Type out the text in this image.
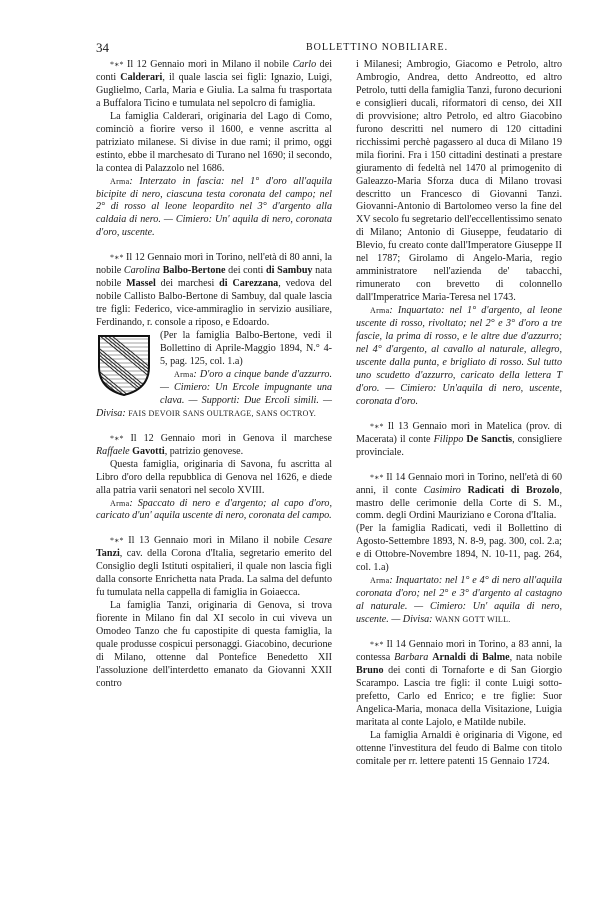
34	BOLLETTINO NOBILIARE.

*∗* Il 12 Gennaio morì in Milano il nobile Carlo dei conti Calderari, il quale lascia sei figli: Ignazio, Luigi, Guglielmo, Carla, Maria e Giulia. La salma fu trasportata a Buffalora Ticino e tumulata nel sepolcro di famiglia.

La famiglia Calderari, originaria del Lago di Como, cominciò a fiorire verso il 1600, e venne ascritta al patriziato milanese. Si divise in due rami; il primo, oggi estinto, ebbe il marchesato di Turano nel 1690; il secondo, la contea di Palazzolo nel 1686.

Arma: Interzato in fascia: nel 1° d'oro all'aquila bicipite di nero, ciascuna testa coronata del campo; nel 2° di rosso al leone leopardito nel 3° d'argento alla caldaia di nero. — Cimiero: Un' aquila di nero, coronata d'oro, uscente.

*∗* Il 12 Gennaio morì in Torino, nell'età di 80 anni, la nobile Carolina Balbo-Bertone dei conti di Sambuy nata nobile Massel dei marchesi di Carezzana, vedova del nobile Callisto Balbo-Bertone di Sambuy, dal quale lascia tre figli: Federico, vice-ammiraglio in servizio ausiliare, Ferdinando, r. console a riposo, e Edoardo.

(Per la famiglia Balbo-Bertone, vedi il Bollettino di Aprile-Maggio 1894, N.° 4-5, pag. 125, col. 1.a)

Arma: D'oro a cinque bande d'azzurro. — Cimiero: Un Ercole impugnante una clava. — Supporti: Due Ercoli simili. — Divisa: FAIS DEVOIR SANS OULTRAGE, SANS OCTROY.

*∗* Il 12 Gennaio morì in Genova il marchese Raffaele Gavotti, patrizio genovese.

Questa famiglia, originaria di Savona, fu ascritta al Libro d'oro della repubblica di Genova nel 1626, e diede alla patria varii senatori nel secolo XVIII.

Arma: Spaccato di nero e d'argento; al capo d'oro, caricato d'un' aquila uscente di nero, coronata del campo.

*∗* Il 13 Gennaio morì in Milano il nobile Cesare Tanzi, cav. della Corona d'Italia, segretario emerito del Consiglio degli Istituti ospitalieri, il quale non lascia figli dalla consorte Enrichetta nata Prada. La salma del defunto fu tumulata nella cappella di famiglia in Goiaecca.

La famiglia Tanzi, originaria di Genova, si trova fiorente in Milano fin dal XI secolo in cui viveva un Omodeo Tanzo che fu capostipite di questa famiglia, la quale produsse cospicui personaggi. Giacobino, decurione di Milano, ottenne dal Pontefice Benedetto XII l'assoluzione dell'interdetto emanato da Giovanni XXII contro

i Milanesi; Ambrogio, Giacomo e Petrolo, altro Ambrogio, Andrea, detto Andreotto, ed altro Petrolo, tutti della famiglia Tanzi, furono decurioni e consiglieri ducali, riformatori di censo, dei XII di provvisione; altro Petrolo, ed altro Giacobino furono descritti nel numero di 120 cittadini ricchissimi perchè pagassero al duca di Milano 19 mila fiorini. Fra i 150 cittadini destinati a prestare giuramento di fedeltà nel 1470 al primogenito di Galeazzo-Maria Sforza duca di Milano trovasi descritto un Francesco di Giovanni Tanzi. Giovanni-Antonio di Bartolomeo verso la fine del XV secolo fu segretario dell'eccellentissimo senato di Milano; Antonio di Giuseppe, feudatario di Blevio, fu creato conte dall'Imperatore Giuseppe II nel 1787; Girolamo di Angelo-Maria, regio amministratore nell'azienda de' tabacchi, rimunerato con brevetto di colonnello dall'Imperatrice Maria-Teresa nel 1743.

Arma: Inquartato: nel 1° d'argento, al leone uscente di rosso, rivoltato; nel 2° e 3° d'oro a tre fascie, la prima di rosso, e le altre due d'azzurro; nel 4° d'argento, al cavallo al naturale, allegro, uscente dalla punta, e brigliato di rosso. Sul tutto uno scudetto d'azzurro, caricato della lettera T d'oro. — Cimiero: Un'aquila di nero, uscente, coronata d'oro.

*∗* Il 13 Gennaio morì in Matelica (prov. di Macerata) il conte Filippo De Sanctis, consigliere provinciale.

*∗* Il 14 Gennaio morì in Torino, nell'età di 60 anni, il conte Casimiro Radicati di Brozolo, mastro delle cerimonie della Corte di S. M., comm. degli Ordini Mauriziano e Corona d'Italia.

(Per la famiglia Radicati, vedi il Bollettino di Agosto-Settembre 1893, N. 8-9, pag. 300, col. 2.a; e di Ottobre-Novembre 1894, N. 10-11, pag. 264, col. 1.a)

Arma: Inquartato: nel 1° e 4° di nero all'aquila coronata d'oro; nel 2° e 3° d'argento al castagno al naturale. — Cimiero: Un' aquila di nero, uscente. — Divisa: WANN GOTT WILL.

*∗* Il 14 Gennaio morì in Torino, a 83 anni, la contessa Barbara Arnaldi di Balme, nata nobile Bruno dei conti di Tornaforte e di San Giorgio Scarampo. Lascia tre figli: il conte Luigi sotto-prefetto, Carlo ed Enrico; e tre figlie: Suor Angelica-Maria, monaca della Visitazione, Luigia maritata al conte Lajolo, e Matilde nubile.

La famiglia Arnaldi è originaria di Vigone, ed ottenne l'investitura del feudo di Balme con titolo comitale per rr. lettere patenti 15 Gennaio 1724.
